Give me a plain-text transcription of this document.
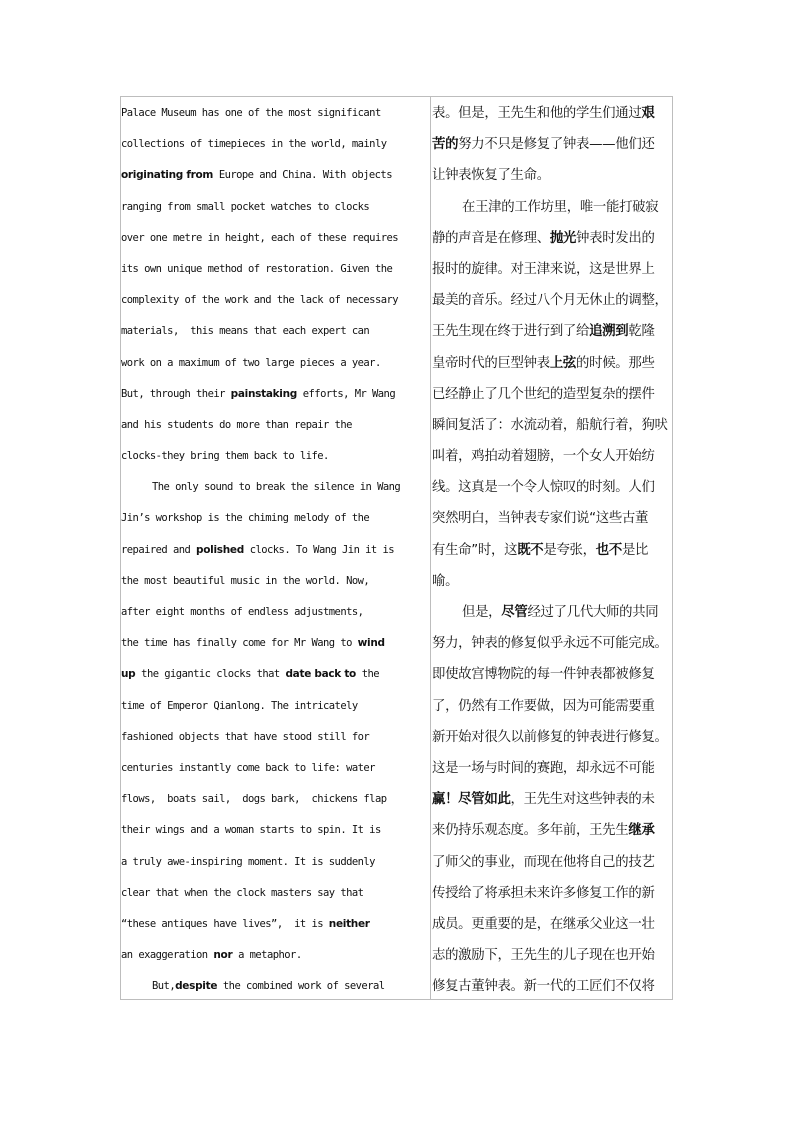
Palace Museum has one of the most significant
collections of timepieces in the world, mainly
originating from Europe and China. With objects
ranging from small pocket watches to clocks
over one metre in height, each of these requires
its own unique method of restoration. Given the
complexity of the work and the lack of necessary
materials,  this means that each expert can
work on a maximum of two large pieces a year.
But, through their painstaking efforts, Mr Wang
and his students do more than repair the
clocks-they bring them back to life.
The only sound to break the silence in Wang
Jin’s workshop is the chiming melody of the
repaired and polished clocks. To Wang Jin it is
the most beautiful music in the world. Now,
after eight months of endless adjustments,
the time has finally come for Mr Wang to wind
up the gigantic clocks that date back to the
time of Emperor Qianlong. The intricately
fashioned objects that have stood still for
centuries instantly come back to life: water
flows,  boats sail,  dogs bark,  chickens flap
their wings and a woman starts to spin. It is
a truly awe-inspiring moment. It is suddenly
clear that when the clock masters say that
“these antiques have lives”,  it is neither
an exaggeration nor a metaphor.
But,despite the combined work of several
表。但是，王先生和他的学生们通过艰
苦的努力不只是修复了钟表——他们还
让钟表恢复了生命。
在王津的工作坊里，唯一能打破寂
静的声音是在修理、抛光钟表时发出的
报时的旋律。对王津来说，这是世界上
最美的音乐。经过八个月无休止的调整，
王先生现在终于进行到了给追溯到乾隆
皇帝时代的巨型钟表上弦的时候。那些
已经静止了几个世纪的造型复杂的摆件
瞬间复活了：水流动着，船航行着，狗吠
叫着，鸡拍动着翅膀，一个女人开始纺
线。这真是一个令人惊叹的时刻。人们
突然明白，当钟表专家们说“这些古董
有生命”时，这既不是夸张，也不是比
喻。
但是，尽管经过了几代大师的共同
努力，钟表的修复似乎永远不可能完成。
即使故宫博物院的每一件钟表都被修复
了，仍然有工作要做，因为可能需要重
新开始对很久以前修复的钟表进行修复。
这是一场与时间的赛跑，却永远不可能
赢！尽管如此，王先生对这些钟表的未
来仍持乐观态度。多年前，王先生继承
了师父的事业，而现在他将自己的技艺
传授给了将承担未来许多修复工作的新
成员。更重要的是，在继承父业这一壮
志的激励下，王先生的儿子现在也开始
修复古董钟表。新一代的工匠们不仅将
